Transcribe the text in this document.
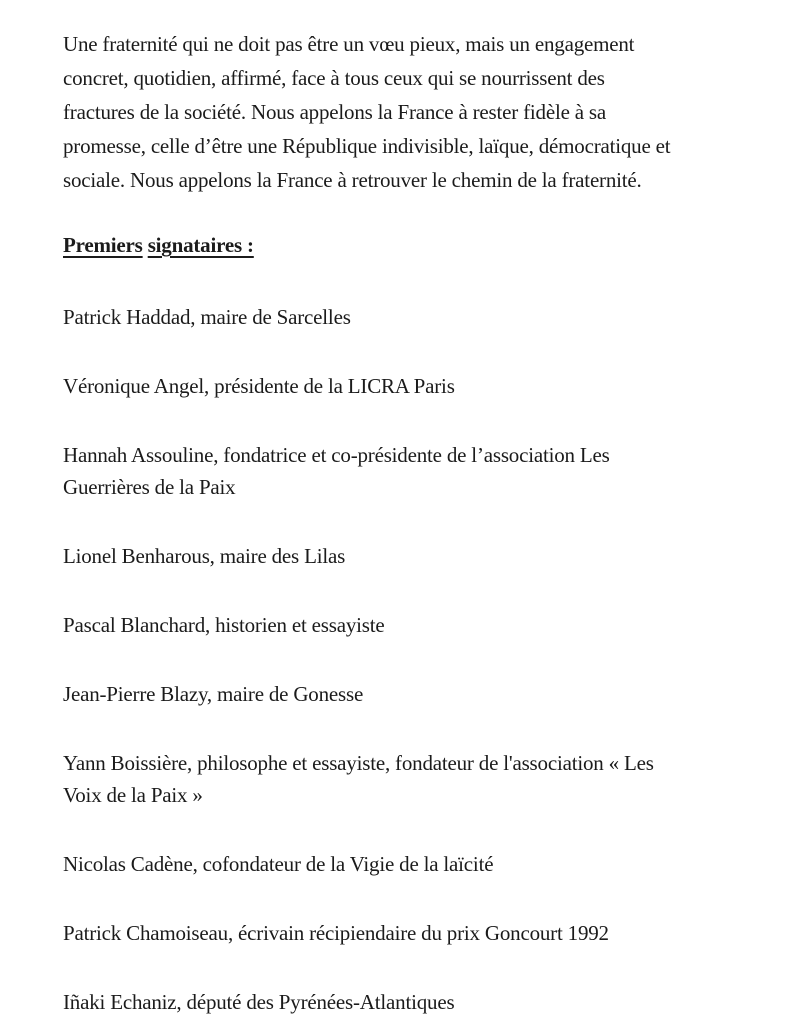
Une fraternité qui ne doit pas être un vœu pieux, mais un engagement
concret, quotidien, affirmé, face à tous ceux qui se nourrissent des
fractures de la société. Nous appelons la France à rester fidèle à sa
promesse, celle d’être une République indivisible, laïque, démocratique et
sociale. Nous appelons la France à retrouver le chemin de la fraternité.

Premiers signataires :
Patrick Haddad, maire de Sarcelles
Véronique Angel, présidente de la LICRA Paris
Hannah Assouline, fondatrice et co-présidente de l’association Les
Guerrières de la Paix
Lionel Benharous, maire des Lilas
Pascal Blanchard, historien et essayiste
Jean-Pierre Blazy, maire de Gonesse
Yann Boissière, philosophe et essayiste, fondateur de l'association « Les
Voix de la Paix »
Nicolas Cadène, cofondateur de la Vigie de la laïcité
Patrick Chamoiseau, écrivain récipiendaire du prix Goncourt 1992
Iñaki Echaniz, député des Pyrénées-Atlantiques
